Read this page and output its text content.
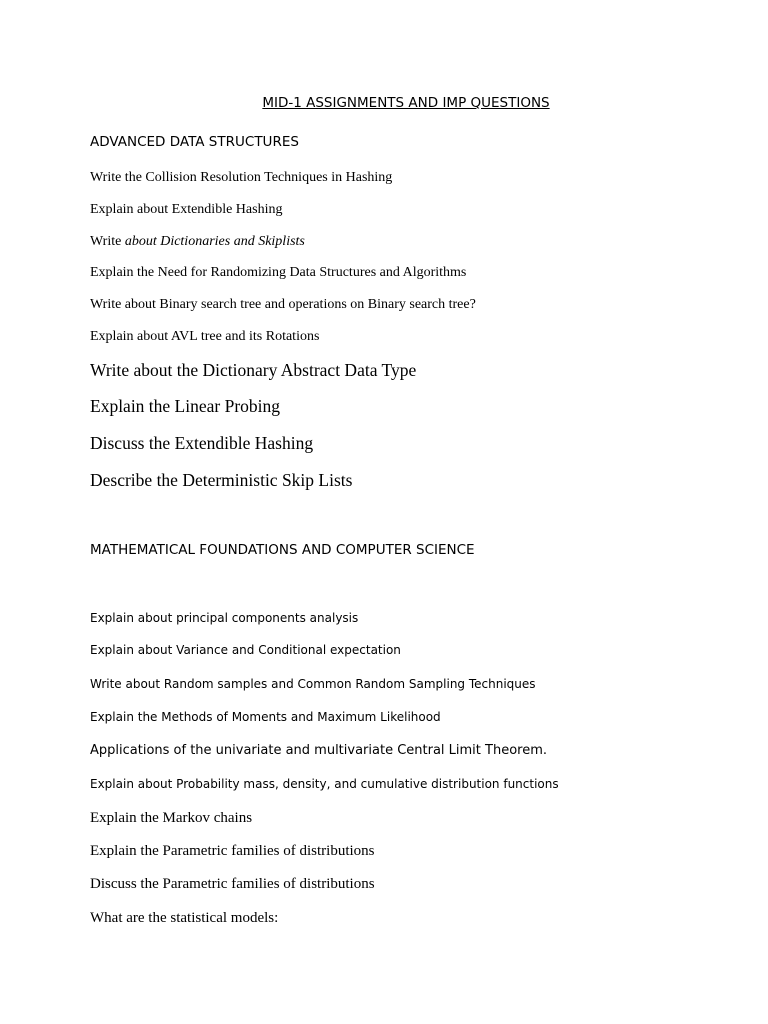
MID-1 ASSIGNMENTS AND IMP QUESTIONS
ADVANCED DATA STRUCTURES
Write the Collision Resolution Techniques in Hashing
Explain about Extendible Hashing
Write about Dictionaries and Skiplists
Explain the Need for Randomizing Data Structures and Algorithms
Write about Binary search tree and operations on Binary search tree?
Explain about AVL tree and its Rotations
Write about the Dictionary Abstract Data Type
Explain the Linear Probing
Discuss the Extendible Hashing
Describe the Deterministic Skip Lists
MATHEMATICAL FOUNDATIONS AND COMPUTER SCIENCE
Explain about principal components analysis
Explain about Variance and Conditional expectation
Write about Random samples and Common Random Sampling Techniques
Explain the Methods of Moments and Maximum Likelihood
Applications of the univariate and multivariate Central Limit Theorem.
Explain about Probability mass, density, and cumulative distribution functions
Explain the Markov chains
Explain the Parametric families of distributions
Discuss the Parametric families of distributions
What are the statistical models:
